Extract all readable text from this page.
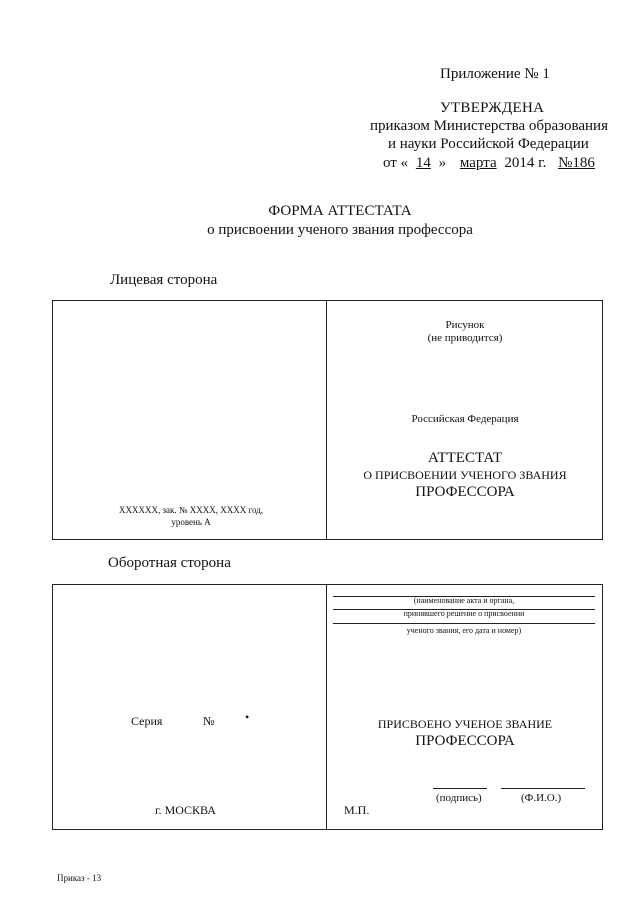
Приложение № 1
УТВЕРЖДЕНА
приказом Министерства образования
и науки Российской Федерации
от « 14 » марта 2014 г. №186
ФОРМА АТТЕСТАТА
о присвоении ученого звания профессора
Лицевая сторона
XXXXXX, зак. № XXXX, XXXX год,
уровень А
Рисунок
(не приводится)
Российская Федерация
АТТЕСТАТ
О ПРИСВОЕНИИ УЧЕНОГО ЗВАНИЯ
ПРОФЕССОРА
Оборотная сторона
Серия	№	•
г. МОСКВА
(наименование акта и органа,
принявшего решение о присвоении
ученого звания, его дата и номер)
ПРИСВОЕНО УЧЕНОЕ ЗВАНИЕ
ПРОФЕССОРА
(подпись)	(Ф.И.О.)
М.П.
Приказ - 13
